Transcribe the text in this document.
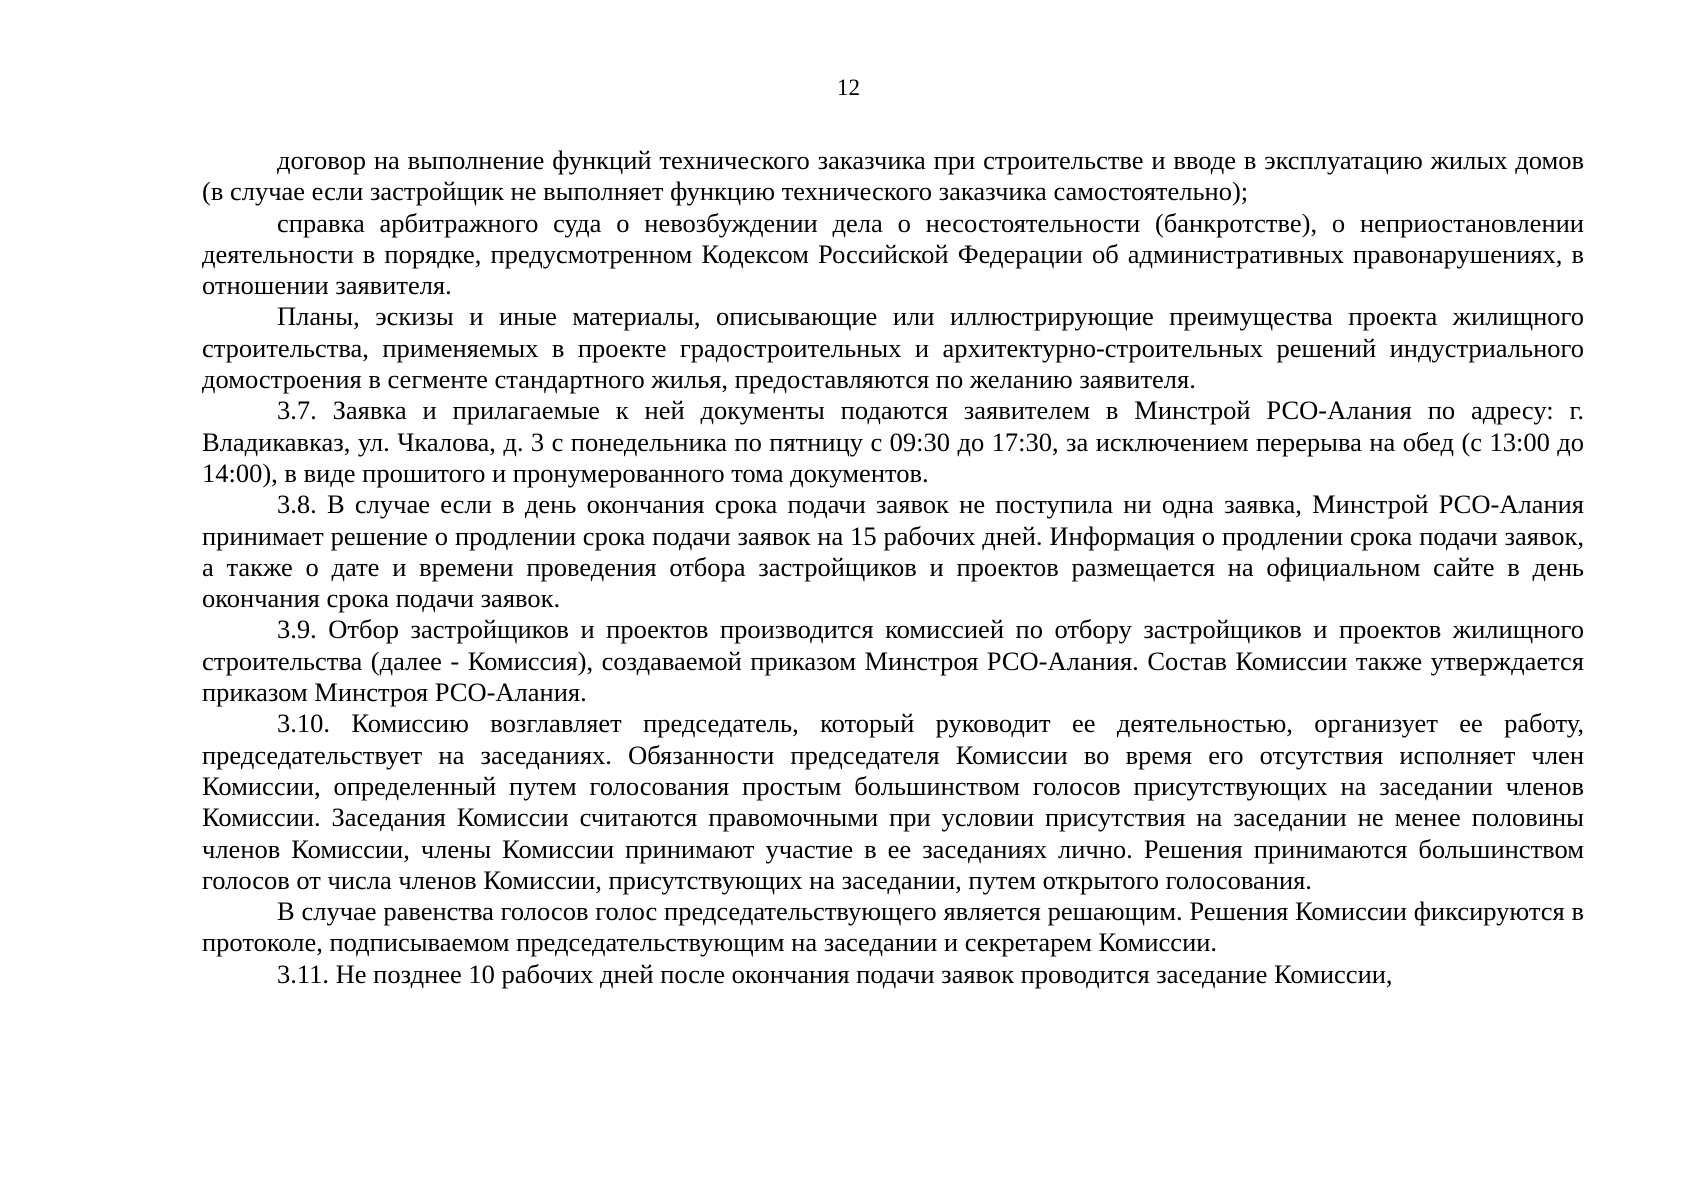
12

договор на выполнение функций технического заказчика при строительстве и вводе в эксплуатацию жилых домов (в случае если застройщик не выполняет функцию технического заказчика самостоятельно);

справка арбитражного суда о невозбуждении дела о несостоятельности (банкротстве), о неприостановлении деятельности в порядке, предусмотренном Кодексом Российской Федерации об административных правонарушениях, в отношении заявителя.

Планы, эскизы и иные материалы, описывающие или иллюстрирующие преимущества проекта жилищного строительства, применяемых в проекте градостроительных и архитектурно-строительных решений индустриального домостроения в сегменте стандартного жилья, предоставляются по желанию заявителя.

3.7. Заявка и прилагаемые к ней документы подаются заявителем в Минстрой РСО-Алания по адресу: г. Владикавказ, ул. Чкалова, д. 3 с понедельника по пятницу с 09:30 до 17:30, за исключением перерыва на обед (с 13:00 до 14:00), в виде прошитого и пронумерованного тома документов.

3.8. В случае если в день окончания срока подачи заявок не поступила ни одна заявка, Минстрой РСО-Алания принимает решение о продлении срока подачи заявок на 15 рабочих дней. Информация о продлении срока подачи заявок, а также о дате и времени проведения отбора застройщиков и проектов размещается на официальном сайте в день окончания срока подачи заявок.

3.9. Отбор застройщиков и проектов производится комиссией по отбору застройщиков и проектов жилищного строительства (далее - Комиссия), создаваемой приказом Минстроя РСО-Алания. Состав Комиссии также утверждается приказом Минстроя РСО-Алания.

3.10. Комиссию возглавляет председатель, который руководит ее деятельностью, организует ее работу, председательствует на заседаниях. Обязанности председателя Комиссии во время его отсутствия исполняет член Комиссии, определенный путем голосования простым большинством голосов присутствующих на заседании членов Комиссии. Заседания Комиссии считаются правомочными при условии присутствия на заседании не менее половины членов Комиссии, члены Комиссии принимают участие в ее заседаниях лично. Решения принимаются большинством голосов от числа членов Комиссии, присутствующих на заседании, путем открытого голосования.

В случае равенства голосов голос председательствующего является решающим. Решения Комиссии фиксируются в протоколе, подписываемом председательствующим на заседании и секретарем Комиссии.

3.11. Не позднее 10 рабочих дней после окончания подачи заявок проводится заседание Комиссии,
